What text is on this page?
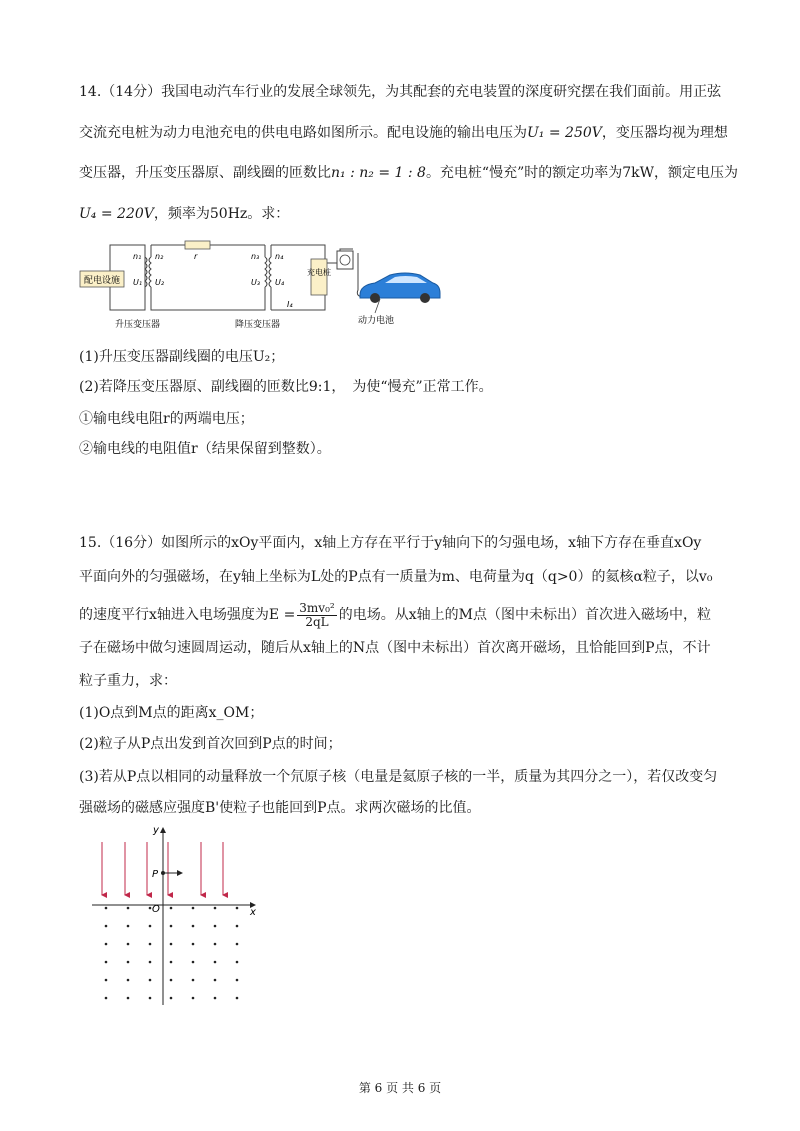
14.（14分）我国电动汽车行业的发展全球领先，为其配套的充电装置的深度研究摆在我们面前。用正弦
交流充电桩为动力电池充电的供电电路如图所示。配电设施的输出电压为U₁ = 250V，变压器均视为理想
变压器，升压变压器原、副线圈的匝数比n₁ : n₂ = 1 : 8。充电桩“慢充”时的额定功率为7kW，额定电压为
U₄ = 220V，频率为50Hz。求：
配电设施
r
n₁
U₁
n₂
U₂
n₃
U₃
n₄
U₄
I₄
充电桩
升压变压器	降压变压器	动力电池
(1)升压变压器副线圈的电压U₂；
(2)若降压变压器原、副线圈的匝数比9:1，　为使“慢充”正常工作。
①输电线电阻r的两端电压；
②输电线的电阻值r（结果保留到整数）。
15.（16分）如图所示的xOy平面内，x轴上方存在平行于y轴向下的匀强电场，x轴下方存在垂直xOy
平面向外的匀强磁场，在y轴上坐标为L处的P点有一质量为m、电荷量为q（q>0）的氦核α粒子，以v₀
的速度平行x轴进入电场强度为$E = \frac{\text{3mv₀²}}{2qL}$ 的电场。从x轴上的M点（图中未标出）首次进入磁场中，粒
子在磁场中做匀速圆周运动，随后从x轴上的N点（图中未标出）首次离开磁场，且恰能回到P点，不计
粒子重力，求：
(1)O点到M点的距离x_OM；
(2)粒子从P点出发到首次回到P点的时间；
(3)若从P点以相同的动量释放一个氘原子核（电量是氦原子核的一半，质量为其四分之一），若仅改变匀
强磁场的磁感应强度B'使粒子也能回到P点。求两次磁场的比值。
y
x
O
P
第 6 页 共 6 页
